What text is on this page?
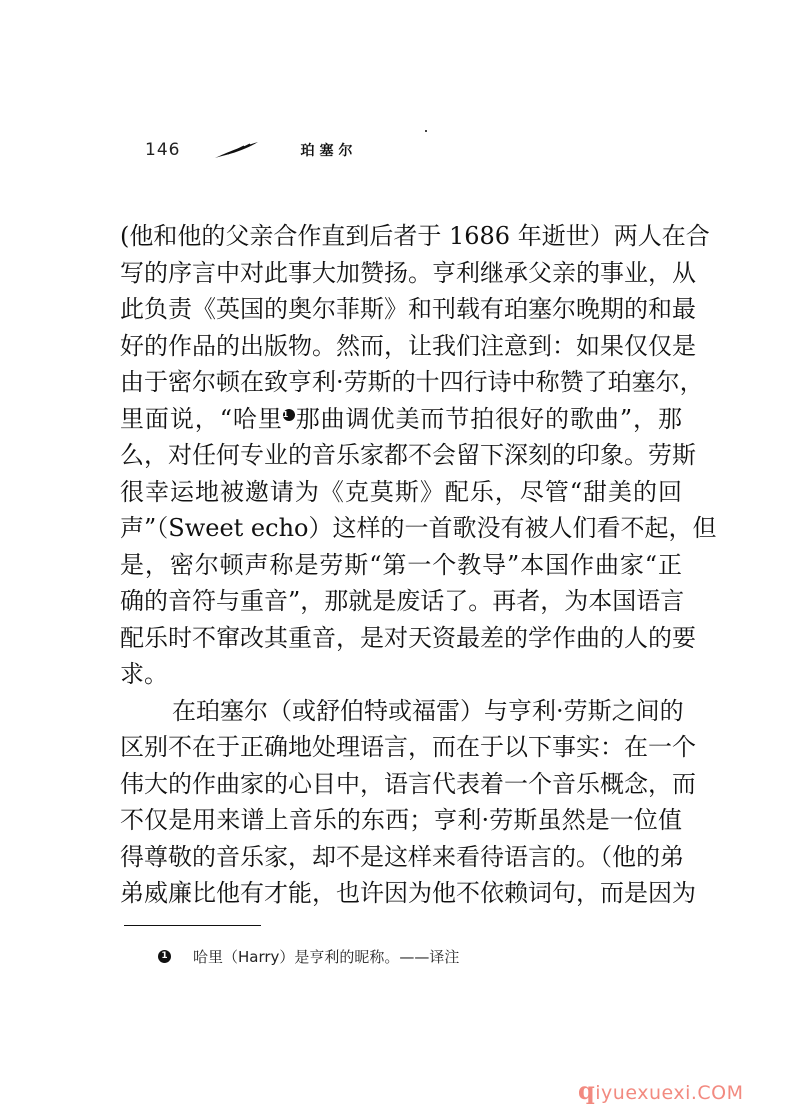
146	珀塞尔
(他和他的父亲合作直到后者于 1686 年逝世）两人在合
写的序言中对此事大加赞扬。亨利继承父亲的事业，从
此负责《英国的奥尔菲斯》和刊载有珀塞尔晚期的和最
好的作品的出版物。然而，让我们注意到：如果仅仅是
由于密尔顿在致亨利·劳斯的十四行诗中称赞了珀塞尔，
里面说，“哈里1 那曲调优美而节拍很好的歌曲”，那
么，对任何专业的音乐家都不会留下深刻的印象。劳斯
很幸运地被邀请为《克莫斯》配乐，尽管“甜美的回
声”（Sweet echo）这样的一首歌没有被人们看不起，但
是，密尔顿声称是劳斯“第一个教导”本国作曲家“正
确的音符与重音”，那就是废话了。再者，为本国语言
配乐时不窜改其重音，是对天资最差的学作曲的人的要
求。
在珀塞尔（或舒伯特或福雷）与亨利·劳斯之间的
区别不在于正确地处理语言，而在于以下事实：在一个
伟大的作曲家的心目中，语言代表着一个音乐概念，而
不仅是用来谱上音乐的东西；亨利·劳斯虽然是一位值
得尊敬的音乐家，却不是这样来看待语言的。（他的弟
弟威廉比他有才能，也许因为他不依赖词句，而是因为
1 哈里（Harry）是亨利的昵称。——译注
qiyuexuexi.COM
